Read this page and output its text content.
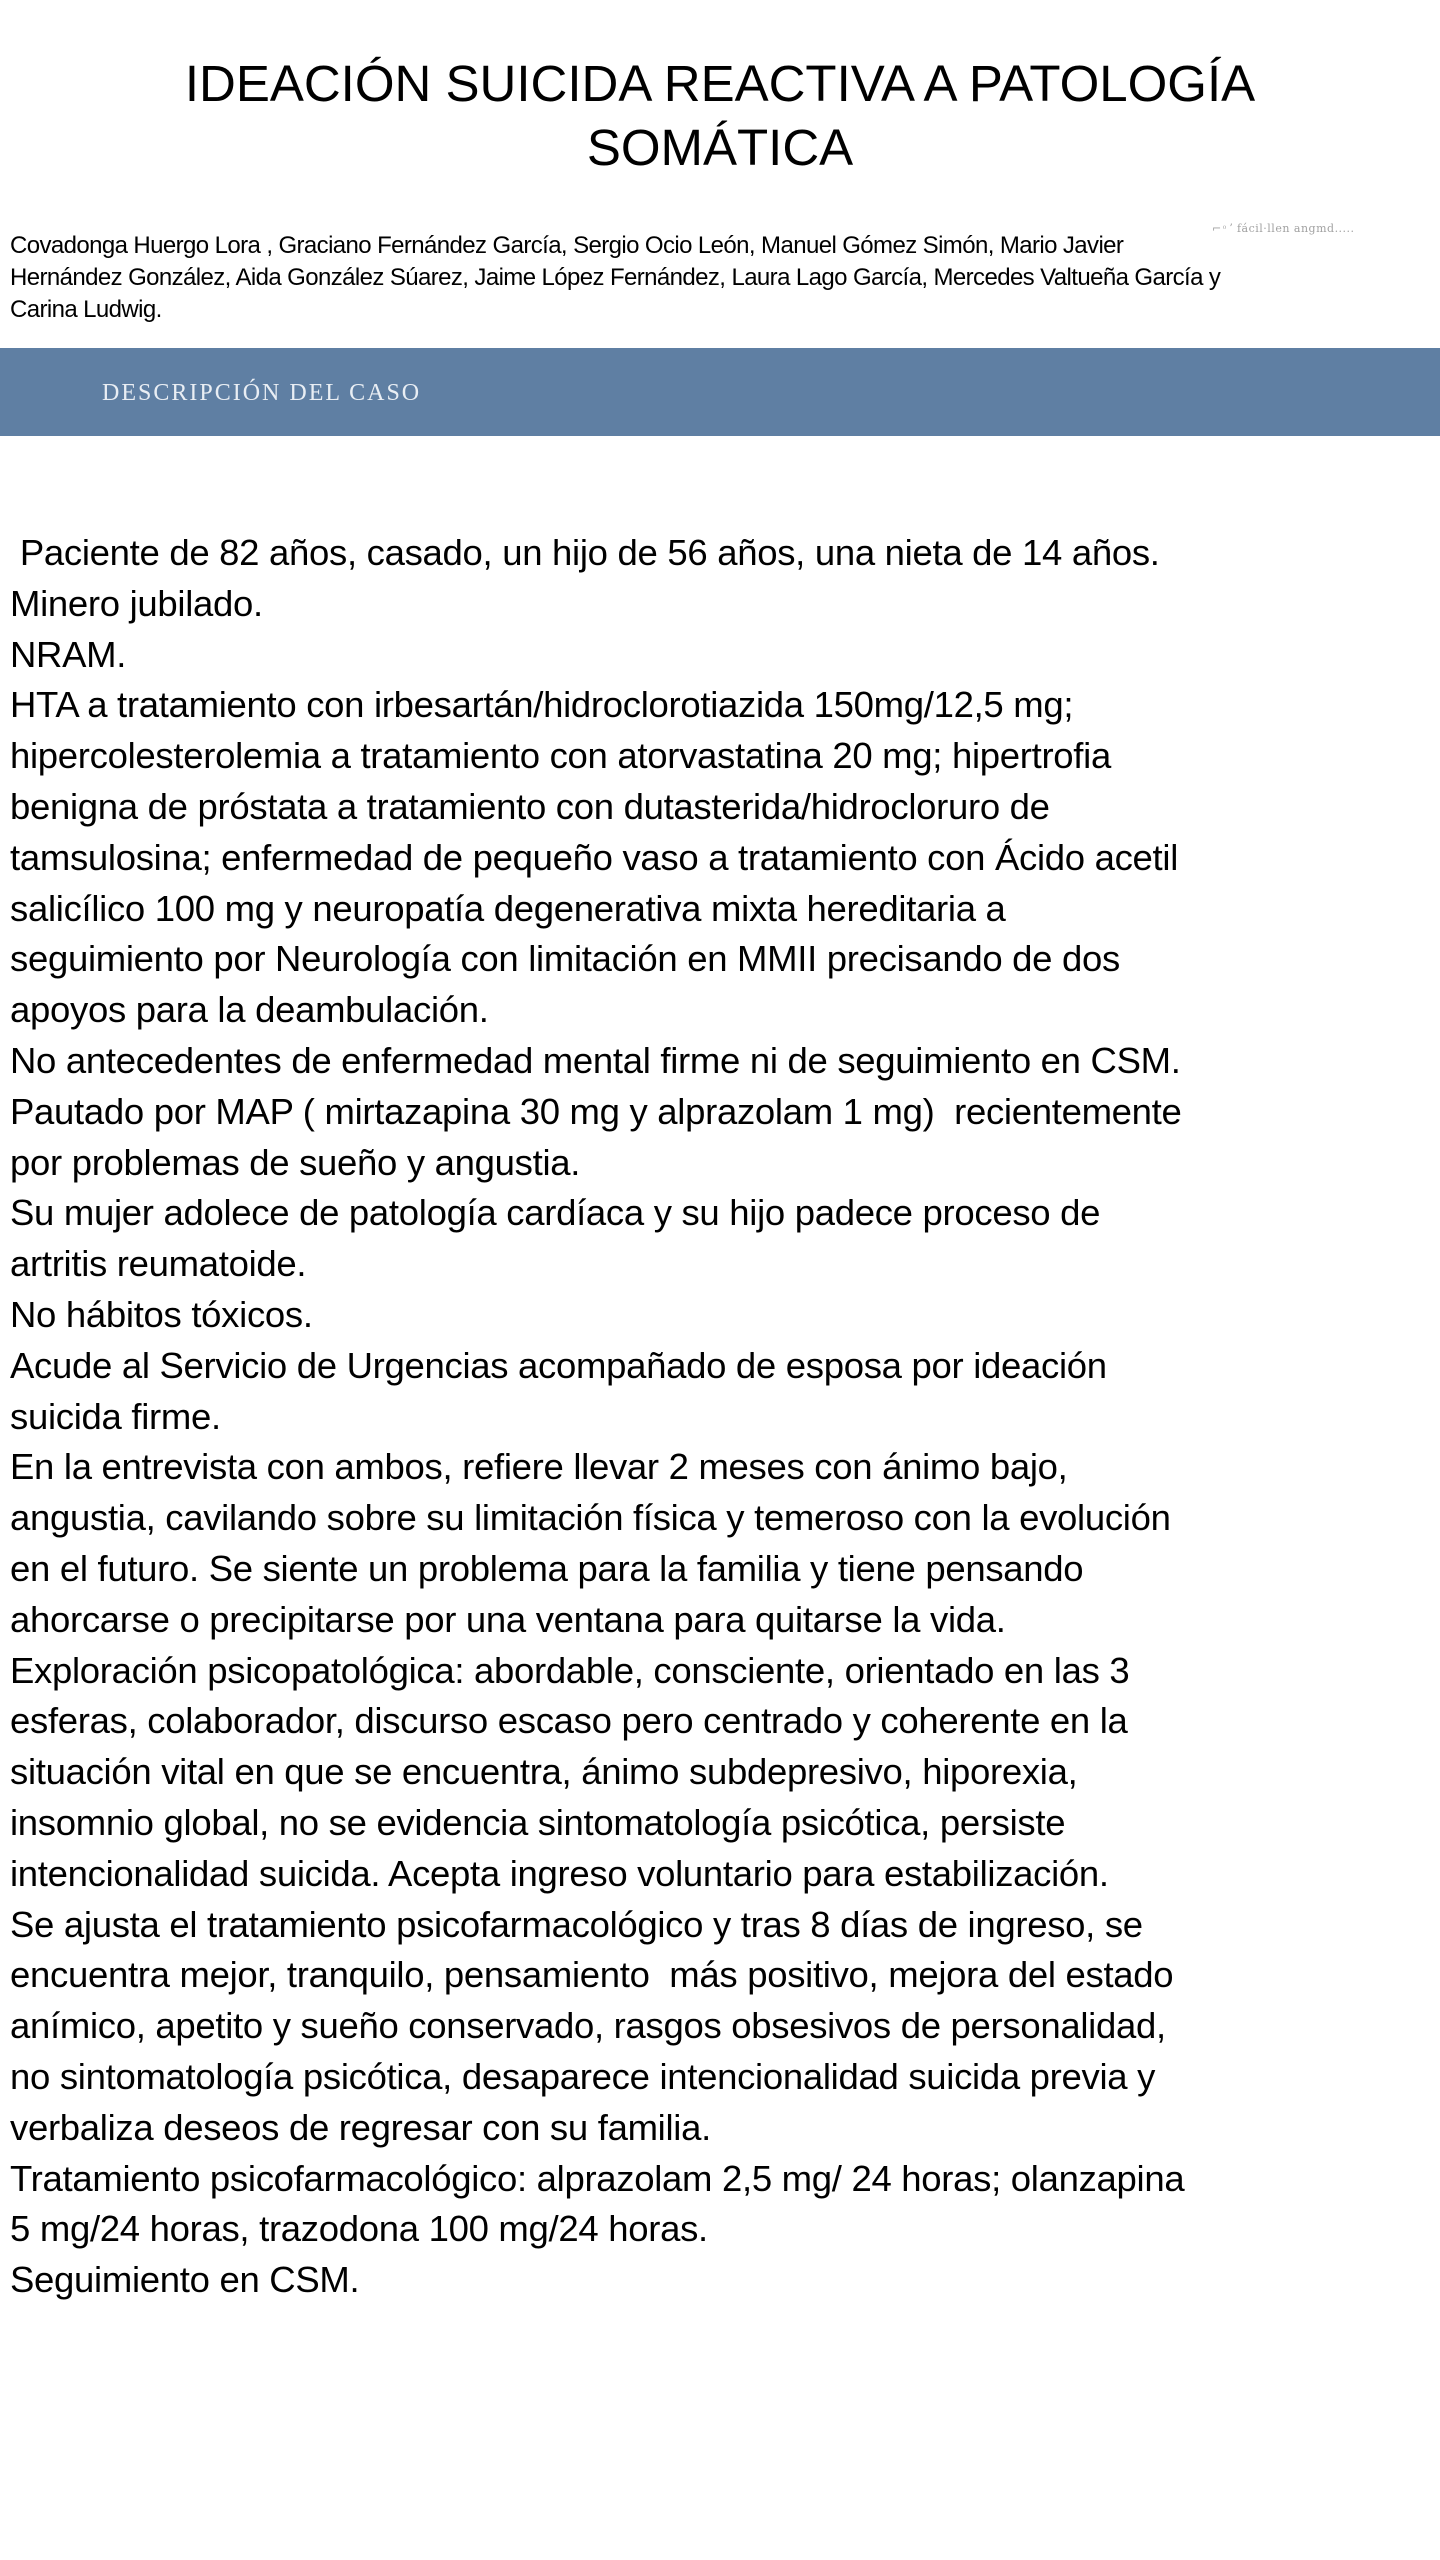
IDEACIÓN SUICIDA REACTIVA A PATOLOGÍA
SOMÁTICA
⌐ ͦ ʼ fácil·llen angmd.....

Covadonga Huergo Lora , Graciano Fernández García, Sergio Ocio León, Manuel Gómez Simón, Mario Javier
Hernández González, Aida González Súarez, Jaime López Fernández, Laura Lago García, Mercedes Valtueña García y
Carina Ludwig.

DESCRIPCIÓN DEL CASO

Paciente de 82 años, casado, un hijo de 56 años, una nieta de 14 años.
Minero jubilado.
NRAM.
HTA a tratamiento con irbesartán/hidroclorotiazida 150mg/12,5 mg;
hipercolesterolemia a tratamiento con atorvastatina 20 mg; hipertrofia
benigna de próstata a tratamiento con dutasterida/hidrocloruro de
tamsulosina; enfermedad de pequeño vaso a tratamiento con Ácido acetil
salicílico 100 mg y neuropatía degenerativa mixta hereditaria a
seguimiento por Neurología con limitación en MMII precisando de dos
apoyos para la deambulación.
No antecedentes de enfermedad mental firme ni de seguimiento en CSM.
Pautado por MAP ( mirtazapina 30 mg y alprazolam 1 mg)  recientemente
por problemas de sueño y angustia.
Su mujer adolece de patología cardíaca y su hijo padece proceso de
artritis reumatoide.
No hábitos tóxicos.
Acude al Servicio de Urgencias acompañado de esposa por ideación
suicida firme.
En la entrevista con ambos, refiere llevar 2 meses con ánimo bajo,
angustia, cavilando sobre su limitación física y temeroso con la evolución
en el futuro. Se siente un problema para la familia y tiene pensando
ahorcarse o precipitarse por una ventana para quitarse la vida.
Exploración psicopatológica: abordable, consciente, orientado en las 3
esferas, colaborador, discurso escaso pero centrado y coherente en la
situación vital en que se encuentra, ánimo subdepresivo, hiporexia,
insomnio global, no se evidencia sintomatología psicótica, persiste
intencionalidad suicida. Acepta ingreso voluntario para estabilización.
Se ajusta el tratamiento psicofarmacológico y tras 8 días de ingreso, se
encuentra mejor, tranquilo, pensamiento  más positivo, mejora del estado
anímico, apetito y sueño conservado, rasgos obsesivos de personalidad,
no sintomatología psicótica, desaparece intencionalidad suicida previa y
verbaliza deseos de regresar con su familia.
Tratamiento psicofarmacológico: alprazolam 2,5 mg/ 24 horas; olanzapina
5 mg/24 horas, trazodona 100 mg/24 horas.
Seguimiento en CSM.
